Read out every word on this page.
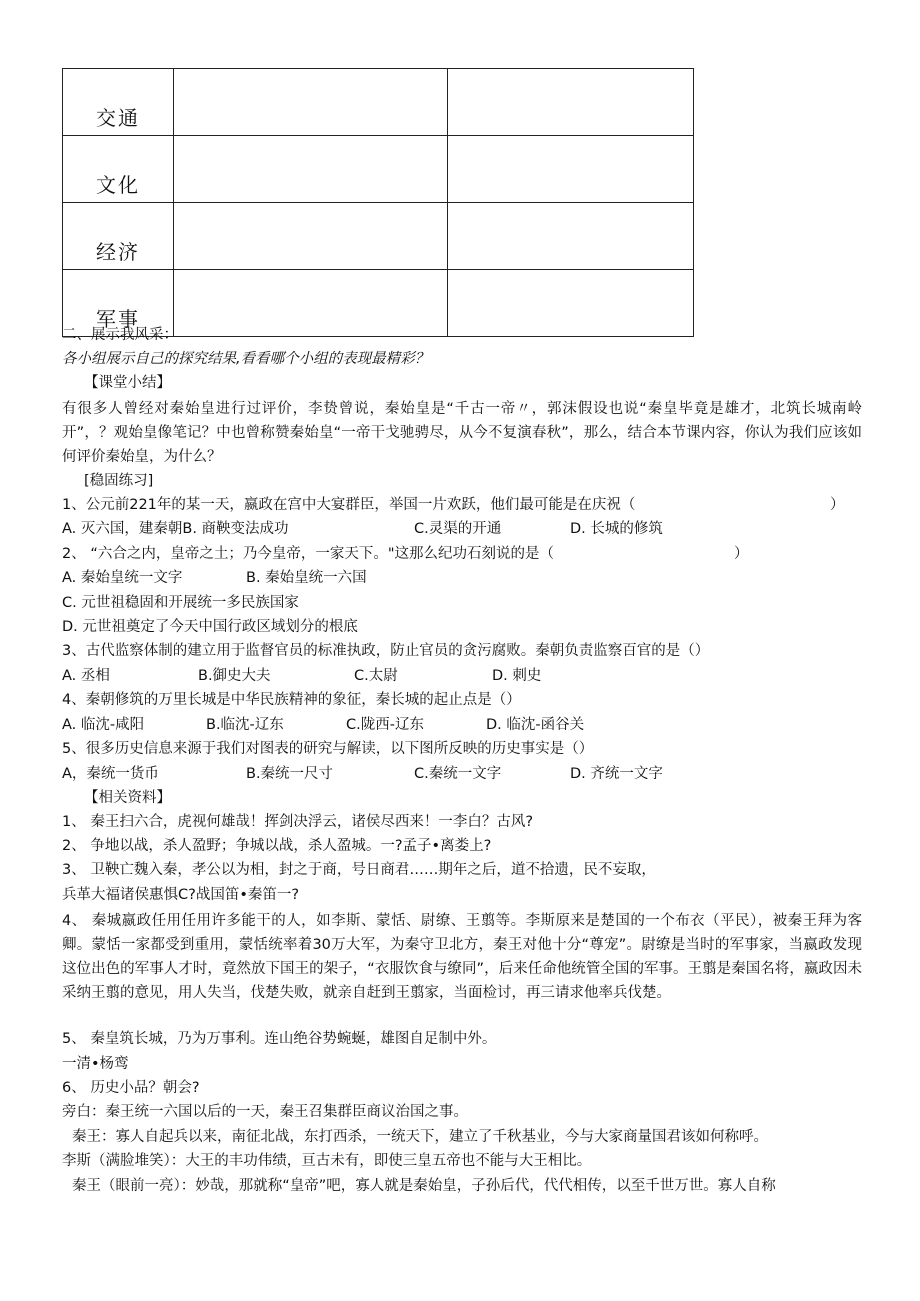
交通		
文化		
经济		
军事		
二、展示我风采：
各小组展示自己的探究结果,看看哪个小组的表现最精彩？
【课堂小结】
有很多人曾经对秦始皇进行过评价，李贽曾说，秦始皇是“千古一帝〃，郭沫假设也说“秦皇毕竟是雄才，北筑长城南岭开”，？观始皇像笔记？中也曾称赞秦始皇“一帝干戈驰骋尽，从今不复演春秋”，那么，结合本节课内容，你认为我们应该如何评价秦始皇，为什么？
[稳固练习]
1、公元前221年的某一天，嬴政在宫中大宴群臣，举国一片欢跃，他们最可能是在庆祝（	）
A. 灭六国，建秦朝B. 商鞅变法成功	C.灵渠的开通	D. 长城的修筑
2、 “六合之内，皇帝之土；乃今皇帝，一家天下。"这那么纪功石刻说的是（	）
A. 秦始皇统一文字	B. 秦始皇统一六国
C. 元世祖稳固和开展统一多民族国家
D. 元世祖奠定了今天中国行政区域划分的根底
3、古代监察体制的建立用于监督官员的标准执政，防止官员的贪污腐败。秦朝负责监察百官的是（）
A. 丞相	B.御史大夫	C.太尉	D. 刺史
4、秦朝修筑的万里长城是中华民族精神的象征，秦长城的起止点是（）
A. 临沈-咸阳	B.临沈-辽东	C.陇西-辽东	D. 临沈-函谷关
5、很多历史信息来源于我们对图表的研究与解读，以下图所反映的历史事实是（）
A，秦统一货币	B.秦统一尺寸	C.秦统一文字	D. 齐统一文字
【相关资料】
1、 秦王扫六合，虎视何雄哉！挥剑决浮云，诸侯尽西来！一李白？古风?
2、 争地以战，杀人盈野；争城以战，杀人盈城。一?孟子•离娄上?
3、 卫鞅亡魏入秦，孝公以为相，封之于商，号日商君……期年之后，道不拾遗，民不妄取，
兵革大福诸侯惠惧C?战国笛•秦笛一?
4、 秦城嬴政任用任用许多能干的人，如李斯、蒙恬、尉缭、王翦等。李斯原来是楚国的一个布衣（平民），被秦王拜为客卿。蒙恬一家都受到重用，蒙恬统率着30万大军，为秦守卫北方，秦王对他十分“尊宠”。尉缭是当时的军事家，当嬴政发现这位出色的军事人才时，竟然放下国王的架子，“衣服饮食与缭同”，后来任命他统管全国的军事。王翦是秦国名将，嬴政因未采纳王翦的意见，用人失当，伐楚失败，就亲自赶到王翦家，当面检讨，再三请求他率兵伐楚。
5、 秦皇筑长城，乃为万事利。连山绝谷势蜿蜒，雄图自足制中外。
一清•杨鸾
6、 历史小品？朝会?
旁白：秦王统一六国以后的一天，秦王召集群臣商议治国之事。
秦王：寡人自起兵以来，南征北战，东打西杀，一统天下，建立了千秋基业，今与大家商量国君该如何称呼。
李斯（满脸堆笑）：大王的丰功伟绩，亘古未有，即使三皇五帝也不能与大王相比。
秦王（眼前一亮）：妙哉，那就称“皇帝”吧，寡人就是秦始皇，子孙后代，代代相传，以至千世万世。寡人自称
